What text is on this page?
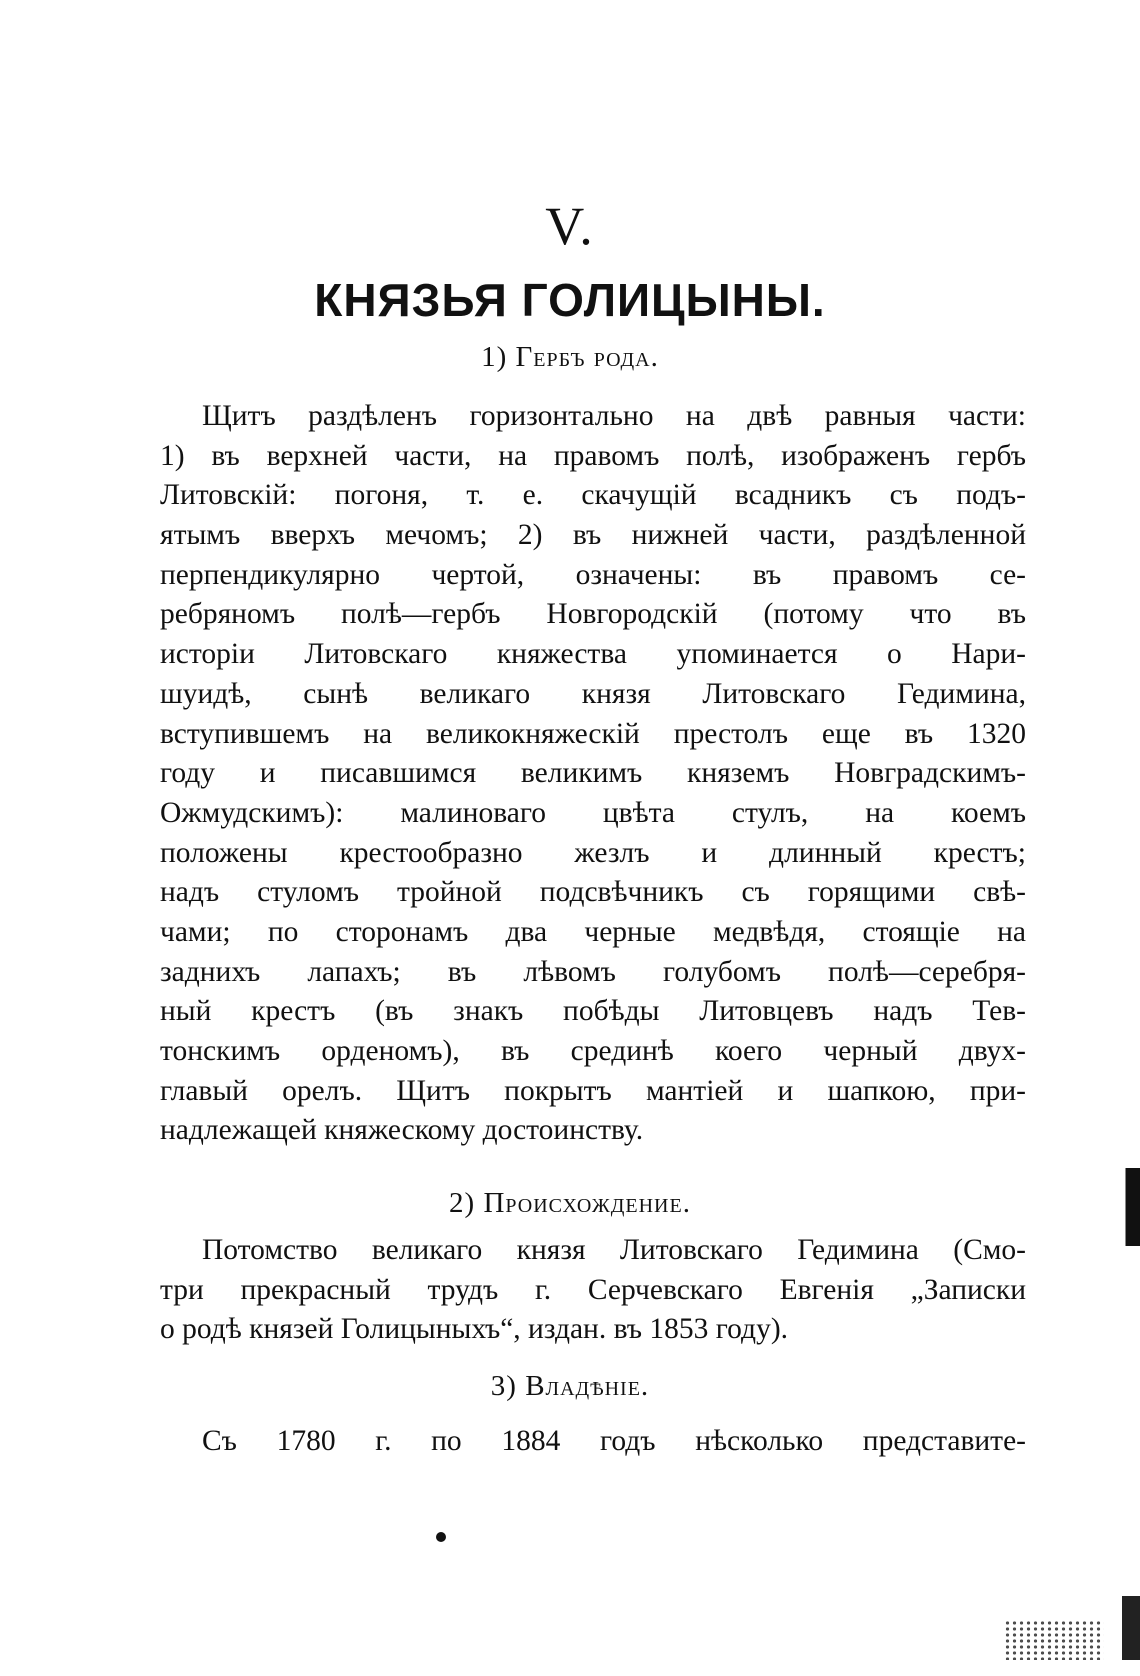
V.
КНЯЗЬЯ ГОЛИЦЫНЫ.
1) Гербъ рода.
Щитъ раздѣленъ горизонтально на двѣ равныя части:
1) въ верхней части, на правомъ полѣ, изображенъ гербъ
Литовскій: погоня, т. е. скачущій всадникъ съ подъ-
ятымъ вверхъ мечомъ; 2) въ нижней части, раздѣленной
перпендикулярно чертой, означены: въ правомъ се-
ребряномъ полѣ—гербъ Новгородскій (потому что въ
исторіи Литовскаго княжества упоминается о Нари-
шуидѣ, сынѣ великаго князя Литовскаго Гедимина,
вступившемъ на великокняжескій престолъ еще въ 1320
году и писавшимся великимъ княземъ Новградскимъ-
Ожмудскимъ): малиноваго цвѣта стулъ, на коемъ
положены крестообразно жезлъ и длинный крестъ;
надъ стуломъ тройной подсвѣчникъ съ горящими свѣ-
чами; по сторонамъ два черные медвѣдя, стоящіе на
заднихъ лапахъ; въ лѣвомъ голубомъ полѣ—серебря-
ный крестъ (въ знакъ побѣды Литовцевъ надъ Тев-
тонскимъ орденомъ), въ срединѣ коего черный двух-
главый орелъ. Щитъ покрытъ мантіей и шапкою, при-
надлежащей княжескому достоинству.
2) Происхождение.
Потомство великаго князя Литовскаго Гедимина (Смо-
три прекрасный трудъ г. Серчевскаго Евгенія „Записки
о родѣ князей Голицыныхъ“, издан. въ 1853 году).
3) Владѣніе.
Съ 1780 г. по 1884 годъ нѣсколько представите-
